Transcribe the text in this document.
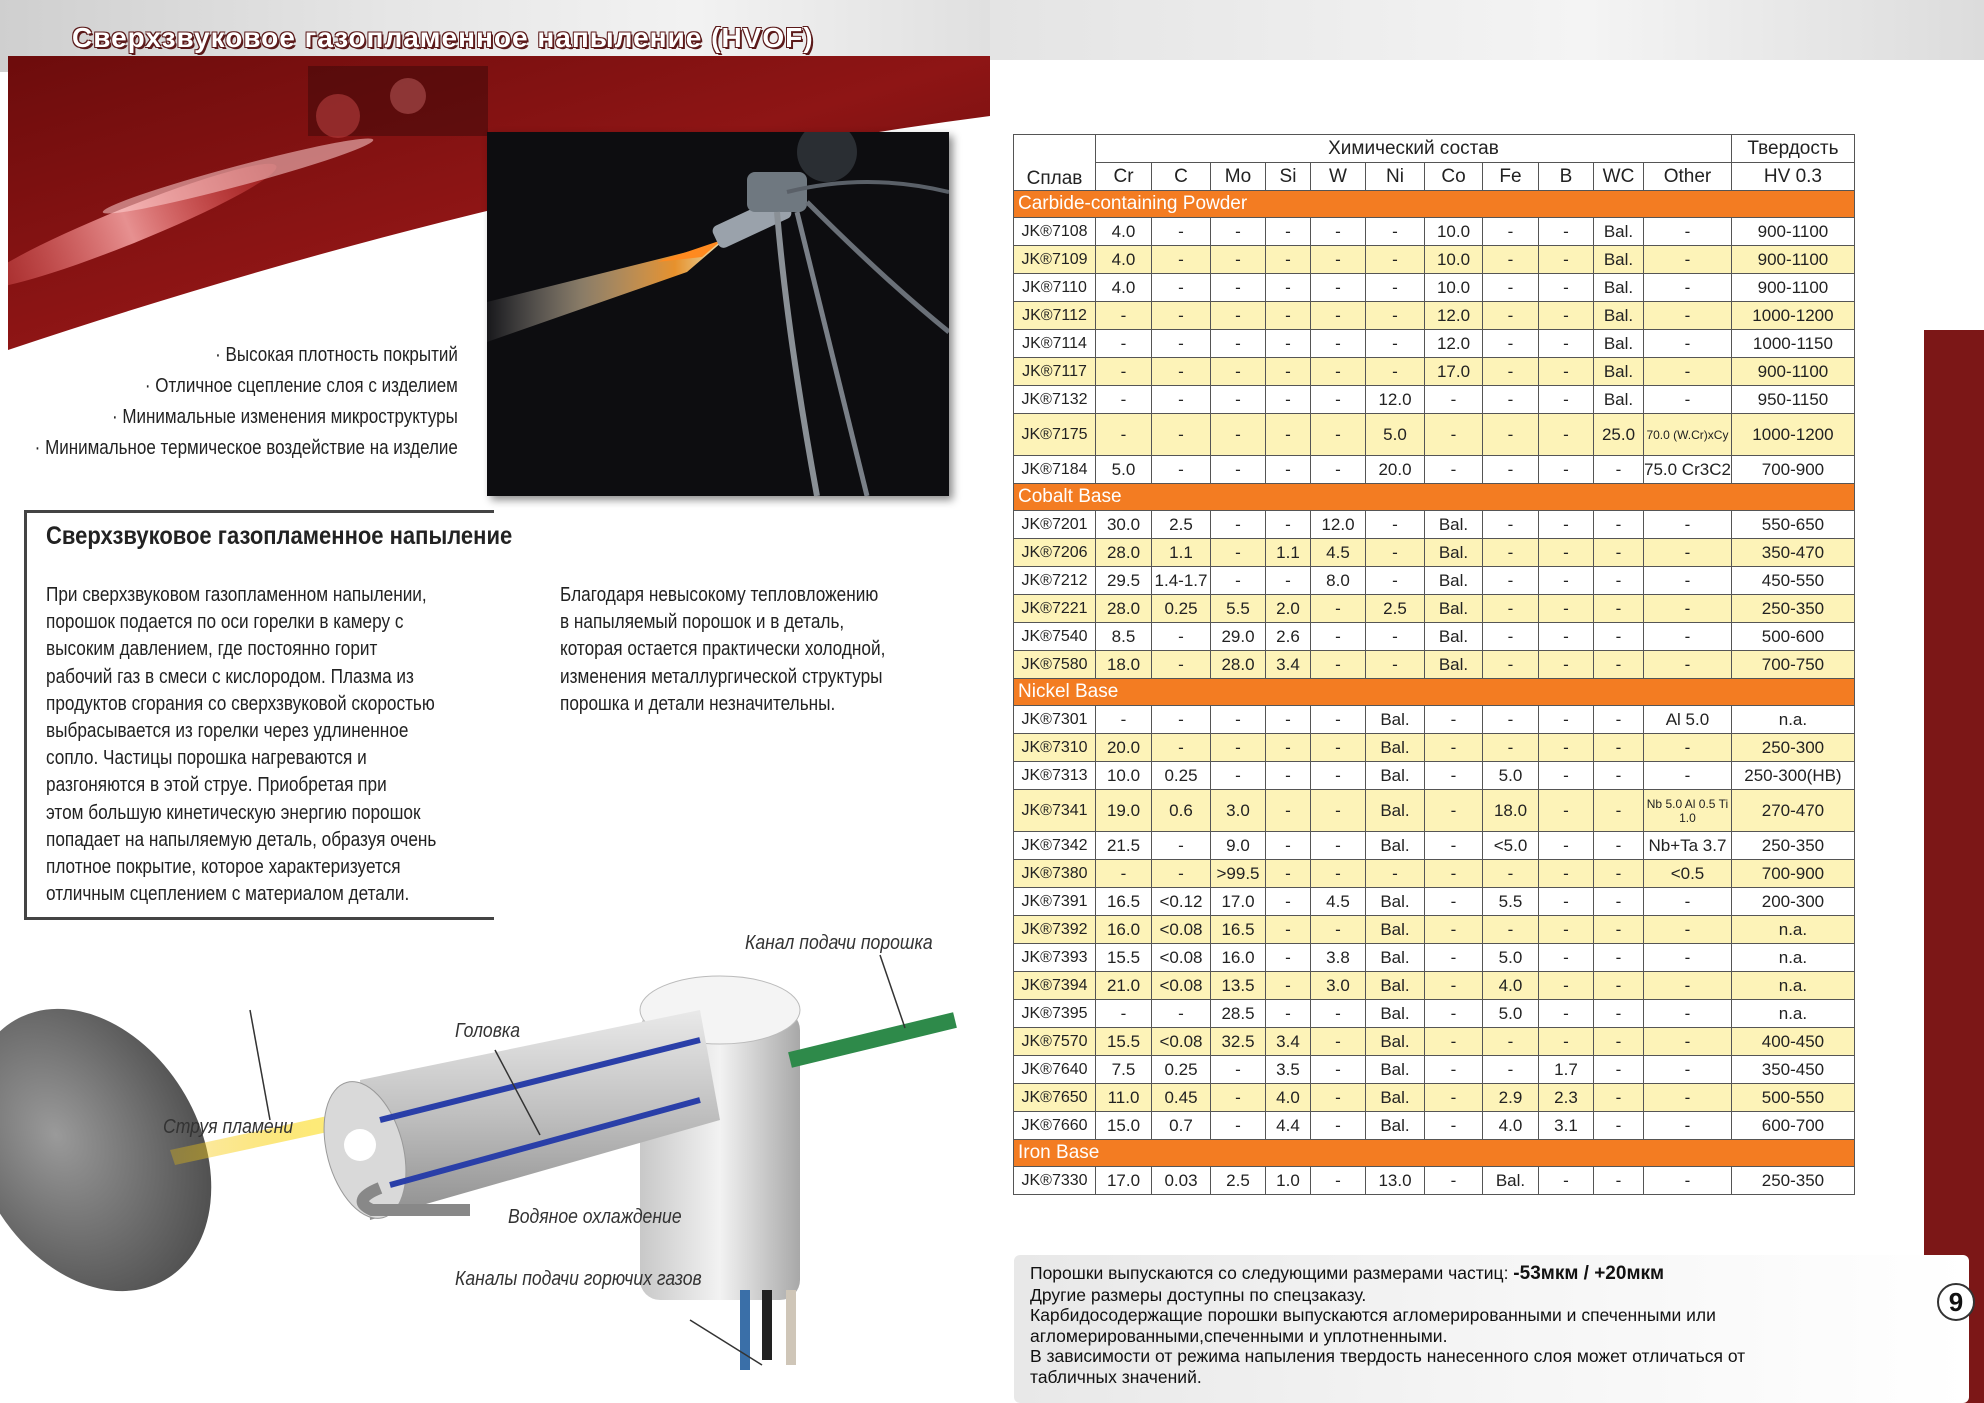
Сверхзвуковое газопламенное напыление (HVOF)
· Высокая плотность покрытий
· Отличное сцепление слоя с изделием
· Минимальные изменения микроструктуры
· Минимальное термическое воздействие на изделие
Сверхзвуковое газопламенное напыление
При сверхзвуковом газопламенном напылении,
порошок подается по оси горелки в камеру с
высоким давлением, где постоянно горит
рабочий газ в смеси с кислородом. Плазма из
продуктов сгорания со сверхзвуковой скоростью
выбрасывается из горелки через удлиненное
сопло. Частицы порошка нагреваются и
разгоняются в этой струе. Приобретая при
этом большую кинетическую энергию порошок
попадает на напыляемую деталь, образуя очень
плотное покрытие, которое характеризуется
отличным сцеплением с материалом детали.
Благодаря невысокому тепловложению
в напыляемый порошок и в деталь,
которая остается практически холодной,
изменения металлургической структуры
порошка и детали незначительны.
Канал подачи порошка
Головка
Струя пламени
Водяное охлаждение
Каналы подачи горючих газов
Сплав	Химический состав											Твердость
	Cr	C	Mo	Si	W	Ni	Co	Fe	B	WC	Other	HV 0.3
Carbide-containing Powder												
JK®7108	4.0	-	-	-	-	-	10.0	-	-	Bal.	-	900-1100
JK®7109	4.0	-	-	-	-	-	10.0	-	-	Bal.	-	900-1100
JK®7110	4.0	-	-	-	-	-	10.0	-	-	Bal.	-	900-1100
JK®7112	-	-	-	-	-	-	12.0	-	-	Bal.	-	1000-1200
JK®7114	-	-	-	-	-	-	12.0	-	-	Bal.	-	1000-1150
JK®7117	-	-	-	-	-	-	17.0	-	-	Bal.	-	900-1100
JK®7132	-	-	-	-	-	12.0	-	-	-	Bal.	-	950-1150
JK®7175	-	-	-	-	-	5.0	-	-	-	25.0	70.0 (W.Cr)xCy	1000-1200
JK®7184	5.0	-	-	-	-	20.0	-	-	-	-	75.0 Cr3C2	700-900
Cobalt Base												
JK®7201	30.0	2.5	-	-	12.0	-	Bal.	-	-	-	-	550-650
JK®7206	28.0	1.1	-	1.1	4.5	-	Bal.	-	-	-	-	350-470
JK®7212	29.5	1.4-1.7	-	-	8.0	-	Bal.	-	-	-	-	450-550
JK®7221	28.0	0.25	5.5	2.0	-	2.5	Bal.	-	-	-	-	250-350
JK®7540	8.5	-	29.0	2.6	-	-	Bal.	-	-	-	-	500-600
JK®7580	18.0	-	28.0	3.4	-	-	Bal.	-	-	-	-	700-750
Nickel Base												
JK®7301	-	-	-	-	-	Bal.	-	-	-	-	Al 5.0	n.a.
JK®7310	20.0	-	-	-	-	Bal.	-	-	-	-	-	250-300
JK®7313	10.0	0.25	-	-	-	Bal.	-	5.0	-	-	-	250-300(HB)
JK®7341	19.0	0.6	3.0	-	-	Bal.	-	18.0	-	-	Nb 5.0 Al 0.5 Ti 1.0	270-470
JK®7342	21.5	-	9.0	-	-	Bal.	-	<5.0	-	-	Nb+Ta 3.7	250-350
JK®7380	-	-	>99.5	-	-	-	-	-	-	-	<0.5	700-900
JK®7391	16.5	<0.12	17.0	-	4.5	Bal.	-	5.5	-	-	-	200-300
JK®7392	16.0	<0.08	16.5	-	-	Bal.	-	-	-	-	-	n.a.
JK®7393	15.5	<0.08	16.0	-	3.8	Bal.	-	5.0	-	-	-	n.a.
JK®7394	21.0	<0.08	13.5	-	3.0	Bal.	-	4.0	-	-	-	n.a.
JK®7395	-	-	28.5	-	-	Bal.	-	5.0	-	-	-	n.a.
JK®7570	15.5	<0.08	32.5	3.4	-	Bal.	-	-	-	-	-	400-450
JK®7640	7.5	0.25	-	3.5	-	Bal.	-	-	1.7	-	-	350-450
JK®7650	11.0	0.45	-	4.0	-	Bal.	-	2.9	2.3	-	-	500-550
JK®7660	15.0	0.7	-	4.4	-	Bal.	-	4.0	3.1	-	-	600-700
Iron Base												
JK®7330	17.0	0.03	2.5	1.0	-	13.0	-	Bal.	-	-	-	250-350
Порошки выпускаются со следующими размерами частиц: -53мкм / +20мкм
Другие размеры доступны по спецзаказу.
Карбидосодержащие порошки выпускаются агломерированными и спеченными или
агломерированными,спеченными и уплотненными.
В зависимости от режима напыления твердость нанесенного слоя может отличаться от
табличных значений.
9
